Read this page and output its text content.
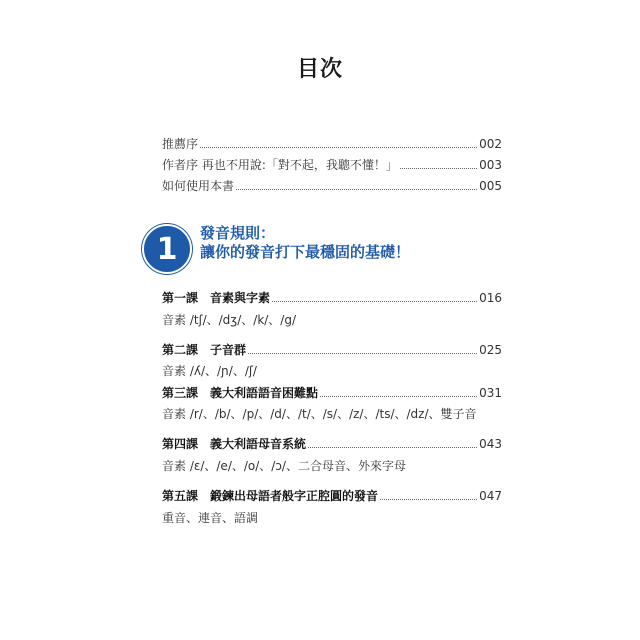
目次
推薦序	002
作者序 再也不用說:「對不起，我聽不懂！」	003
如何使用本書	005
1	發音規則：
讓你的發音打下最穩固的基礎！
第一課　音素與字素	016
音素 /tʃ/、/dʒ/、/k/、/g/
第二課　子音群	025
音素 /ʎ/、/ɲ/、/ʃ/
第三課　義大利語語音困難點	031
音素 /r/、/b/、/p/、/d/、/t/、/s/、/z/、/ts/、/dz/、雙子音
第四課　義大利語母音系統	043
音素 /ɛ/、/e/、/o/、/ɔ/、二合母音、外來字母
第五課　鍛鍊出母語者般字正腔圓的發音	047
重音、連音、語調
